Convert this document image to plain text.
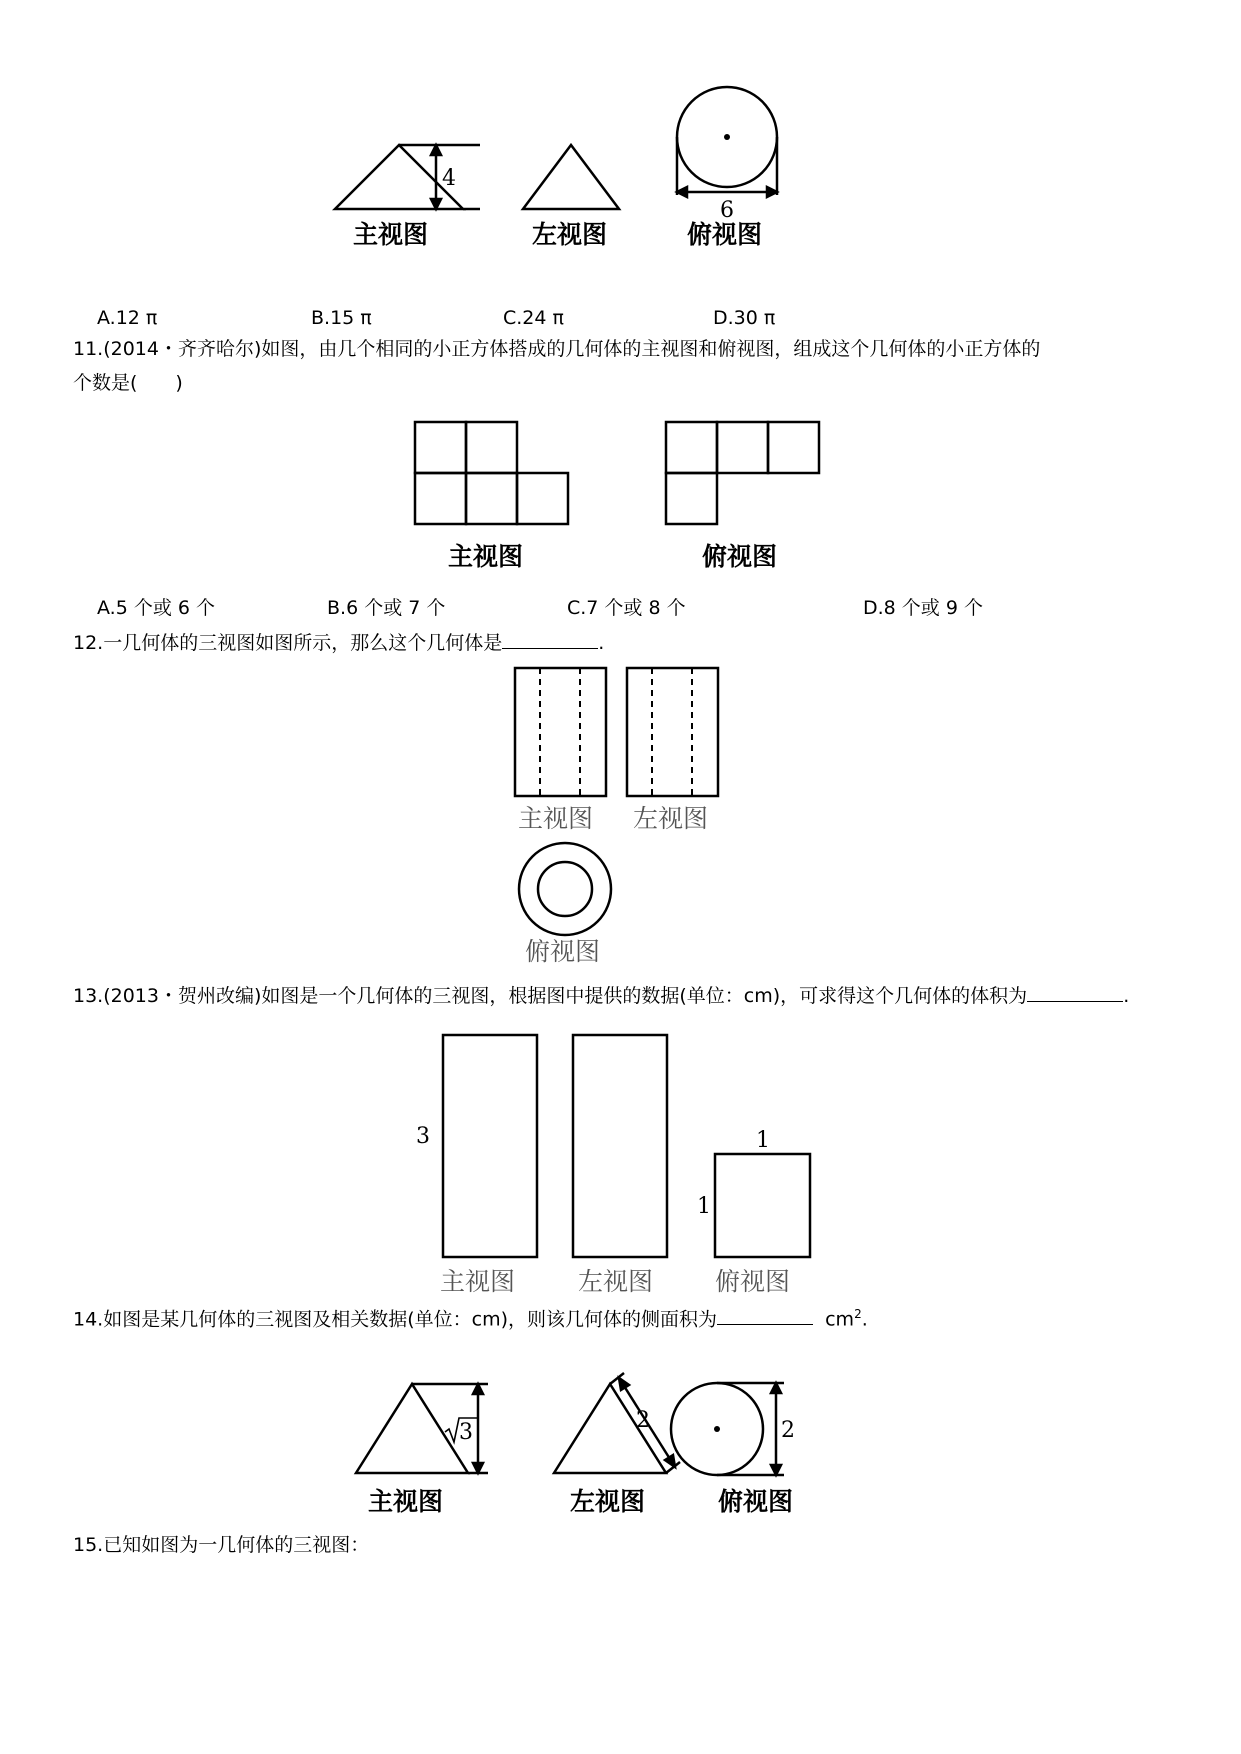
4
6
主视图	左视图	俯视图
A.12 π	B.15 π	C.24 π	D.30 π
11.(2014・齐齐哈尔)如图，由几个相同的小正方体搭成的几何体的主视图和俯视图，组成这个几何体的小正方体的
个数是(　　)
主视图	俯视图
A.5 个或 6 个	B.6 个或 7 个	C.7 个或 8 个	D.8 个或 9 个
12.一几何体的三视图如图所示，那么这个几何体是	.
主视图 左视图
俯视图
13.(2013・贺州改编)如图是一个几何体的三视图，根据图中提供的数据(单位：cm)，可求得这个几何体的体积为	.
3	1
1
主视图	左视图 俯视图
14.如图是某几何体的三视图及相关数据(单位：cm)，则该几何体的侧面积为	$cm^2$.
3	2	2
主视图	左视图	俯视图
15.已知如图为一几何体的三视图：
